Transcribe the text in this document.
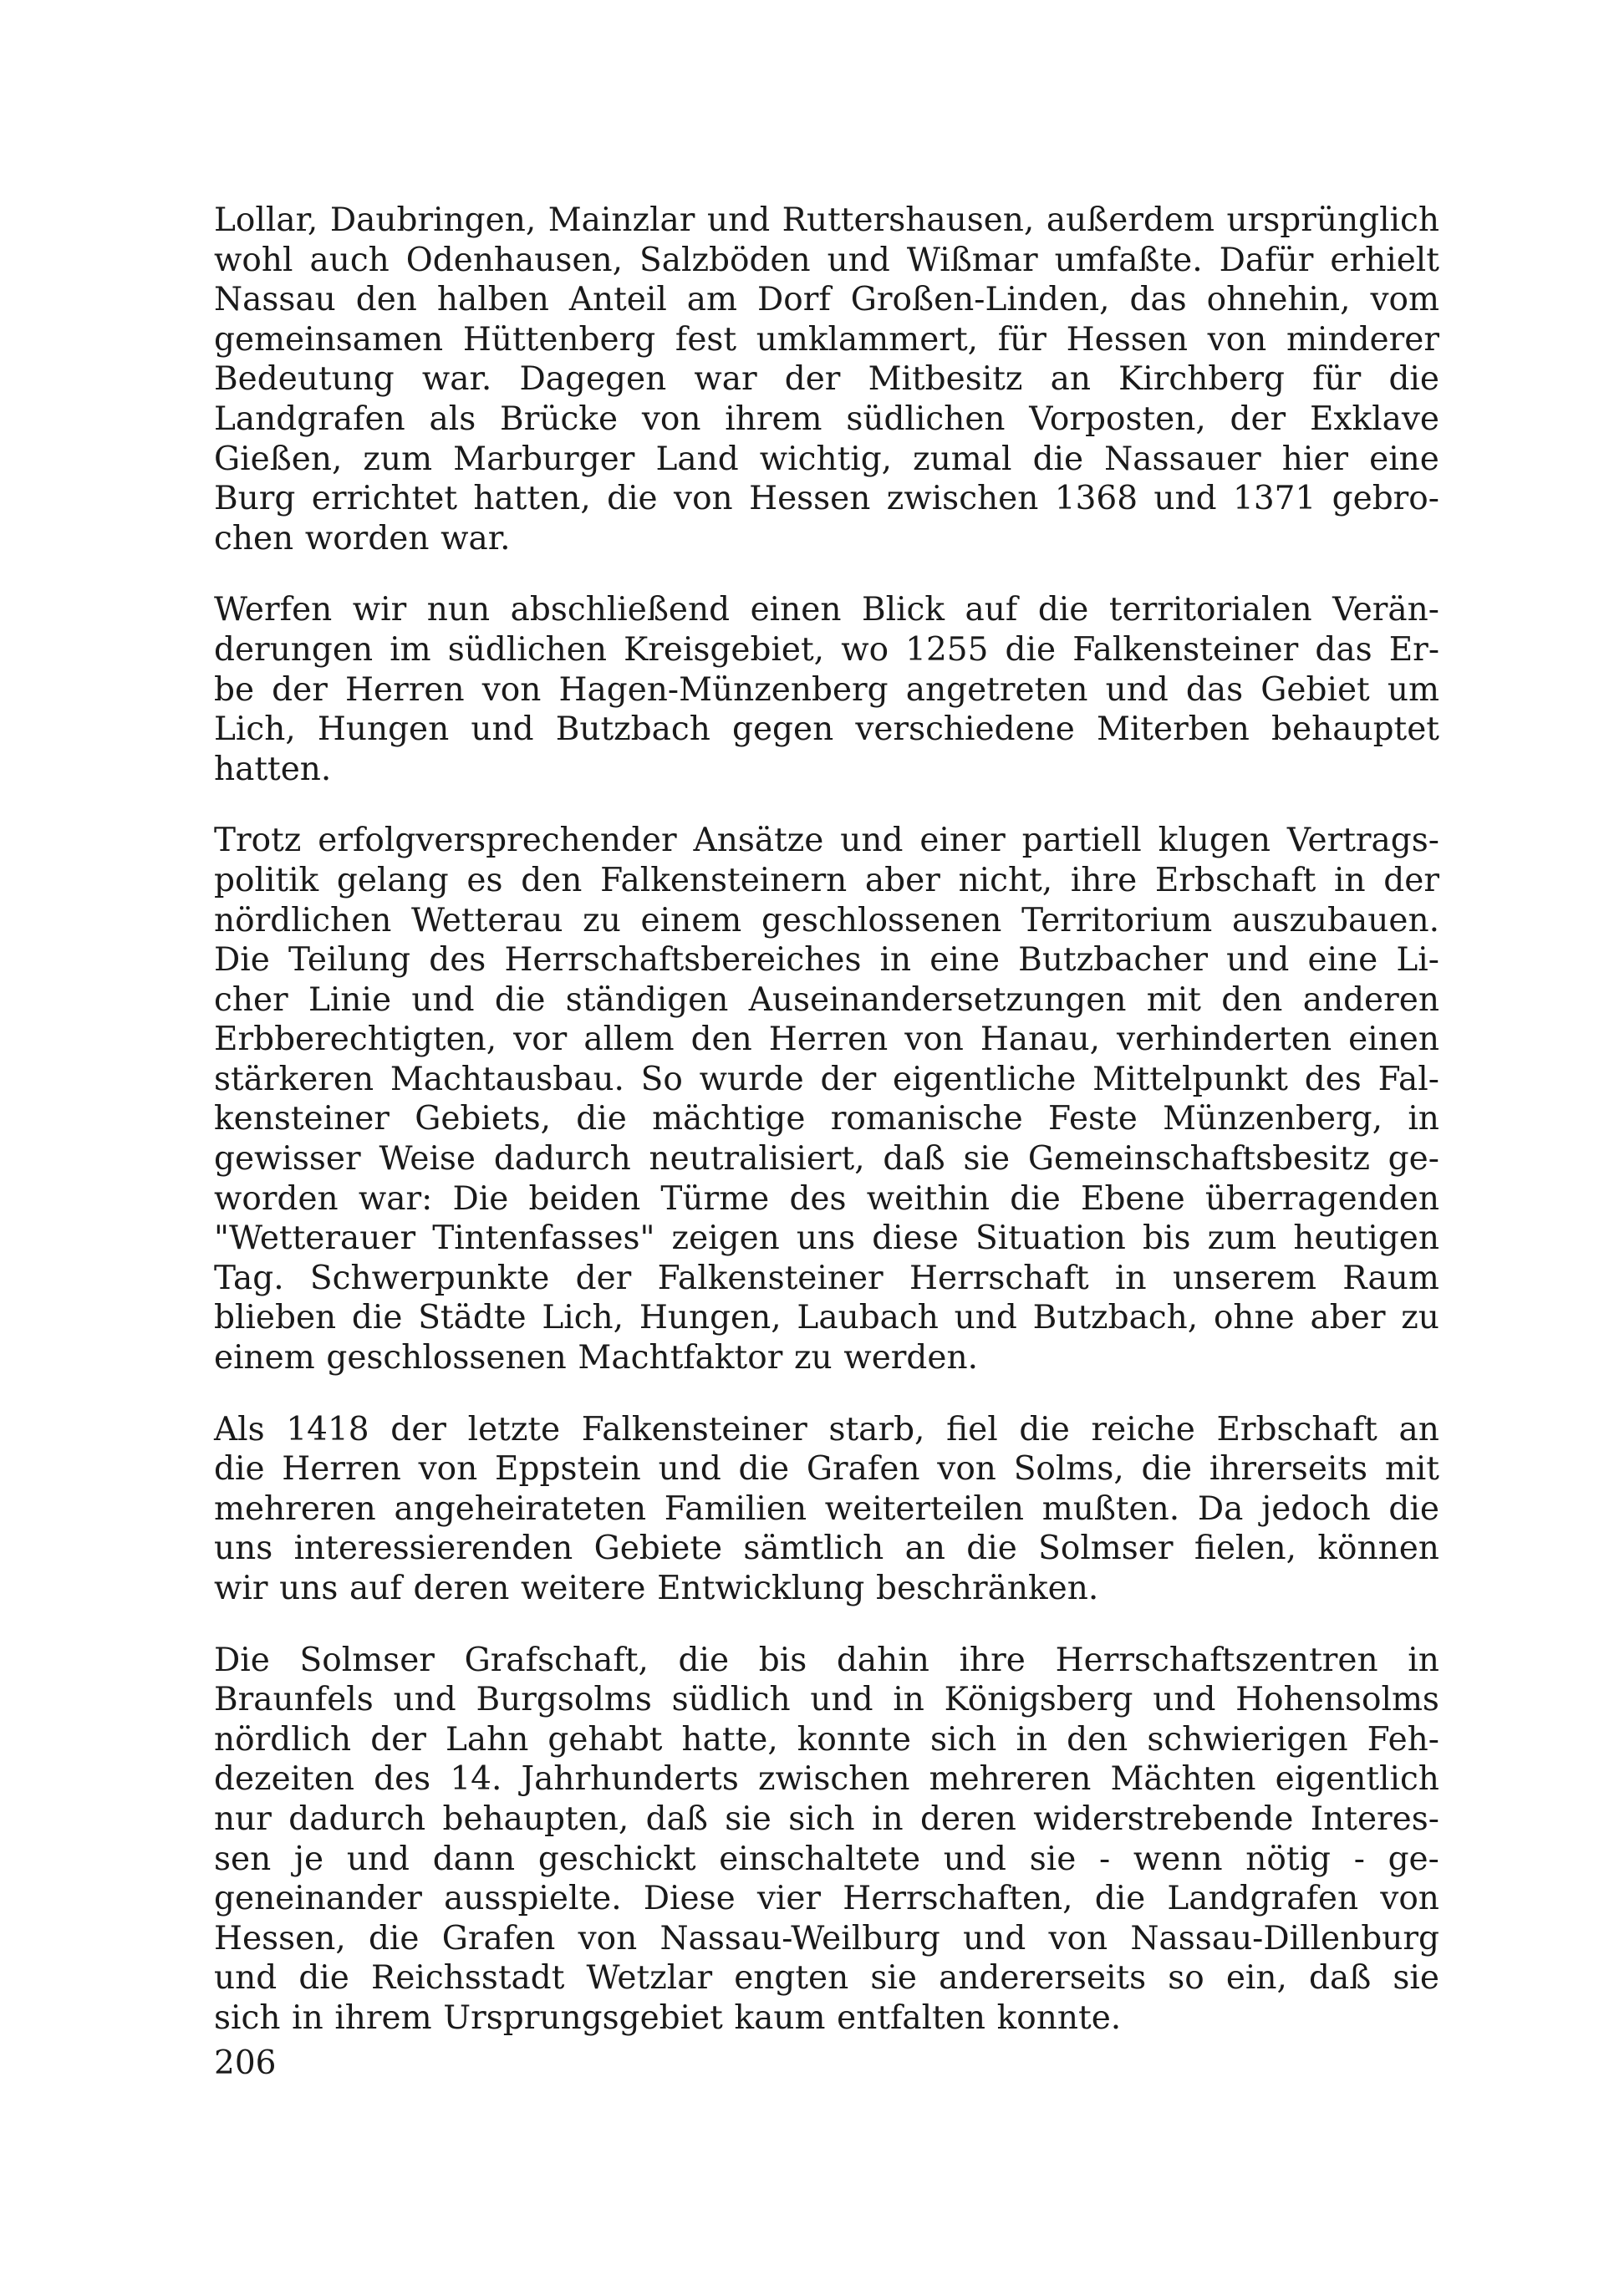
Lollar, Daubringen, Mainzlar und Ruttershausen, außerdem ursprünglich
wohl auch Odenhausen, Salzböden und Wißmar umfaßte. Dafür erhielt
Nassau den halben Anteil am Dorf Großen-Linden, das ohnehin, vom
gemeinsamen Hüttenberg fest umklammert, für Hessen von minderer
Bedeutung war. Dagegen war der Mitbesitz an Kirchberg für die
Landgrafen als Brücke von ihrem südlichen Vorposten, der Exklave
Gießen, zum Marburger Land wichtig, zumal die Nassauer hier eine
Burg errichtet hatten, die von Hessen zwischen 1368 und 1371 gebro-
chen worden war.

Werfen wir nun abschließend einen Blick auf die territorialen Verän-
derungen im südlichen Kreisgebiet, wo 1255 die Falkensteiner das Er-
be der Herren von Hagen-Münzenberg angetreten und das Gebiet um
Lich, Hungen und Butzbach gegen verschiedene Miterben behauptet
hatten.

Trotz erfolgversprechender Ansätze und einer partiell klugen Vertrags-
politik gelang es den Falkensteinern aber nicht, ihre Erbschaft in der
nördlichen Wetterau zu einem geschlossenen Territorium auszubauen.
Die Teilung des Herrschaftsbereiches in eine Butzbacher und eine Li-
cher Linie und die ständigen Auseinandersetzungen mit den anderen
Erbberechtigten, vor allem den Herren von Hanau, verhinderten einen
stärkeren Machtausbau. So wurde der eigentliche Mittelpunkt des Fal-
kensteiner Gebiets, die mächtige romanische Feste Münzenberg, in
gewisser Weise dadurch neutralisiert, daß sie Gemeinschaftsbesitz ge-
worden war: Die beiden Türme des weithin die Ebene überragenden
"Wetterauer Tintenfasses" zeigen uns diese Situation bis zum heutigen
Tag. Schwerpunkte der Falkensteiner Herrschaft in unserem Raum
blieben die Städte Lich, Hungen, Laubach und Butzbach, ohne aber zu
einem geschlossenen Machtfaktor zu werden.

Als 1418 der letzte Falkensteiner starb, fiel die reiche Erbschaft an
die Herren von Eppstein und die Grafen von Solms, die ihrerseits mit
mehreren angeheirateten Familien weiterteilen mußten. Da jedoch die
uns interessierenden Gebiete sämtlich an die Solmser fielen, können
wir uns auf deren weitere Entwicklung beschränken.

Die Solmser Grafschaft, die bis dahin ihre Herrschaftszentren in
Braunfels und Burgsolms südlich und in Königsberg und Hohensolms
nördlich der Lahn gehabt hatte, konnte sich in den schwierigen Feh-
dezeiten des 14. Jahrhunderts zwischen mehreren Mächten eigentlich
nur dadurch behaupten, daß sie sich in deren widerstrebende Interes-
sen je und dann geschickt einschaltete und sie - wenn nötig - ge-
geneinander ausspielte. Diese vier Herrschaften, die Landgrafen von
Hessen, die Grafen von Nassau-Weilburg und von Nassau-Dillenburg
und die Reichsstadt Wetzlar engten sie andererseits so ein, daß sie
sich in ihrem Ursprungsgebiet kaum entfalten konnte.

206
